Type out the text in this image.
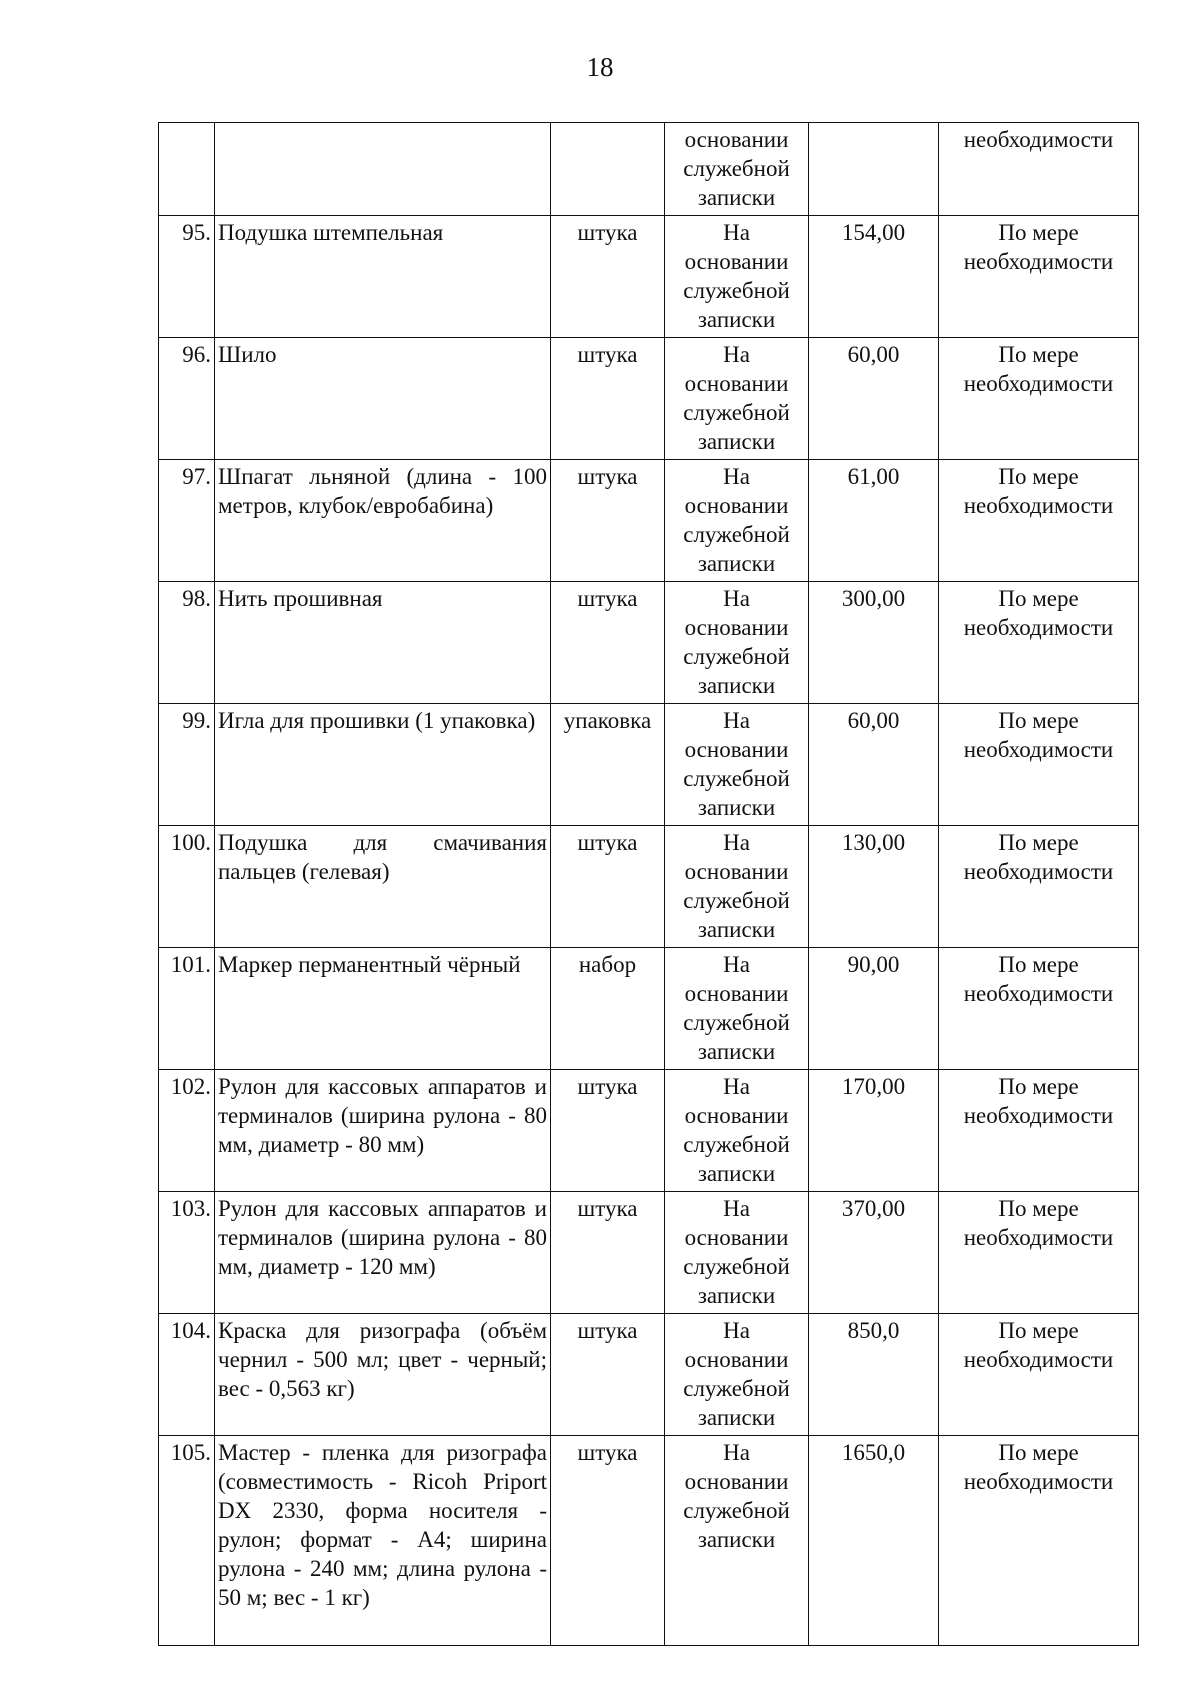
18

			основании
служебной
записки		необходимости

95.	Подушка штемпельная	штука	На
основании
служебной
записки	154,00	По мере
необходимости

96.	Шило	штука	На
основании
служебной
записки	60,00	По мере
необходимости

97.	Шпагат льняной (длина - 100 метров, клубок/евробабина)	штука	На
основании
служебной
записки	61,00	По мере
необходимости

98.	Нить прошивная	штука	На
основании
служебной
записки	300,00	По мере
необходимости

99.	Игла для прошивки (1 упаковка)	упаковка	На
основании
служебной
записки	60,00	По мере
необходимости

100.	Подушка для смачивания пальцев (гелевая)	штука	На
основании
служебной
записки	130,00	По мере
необходимости

101.	Маркер перманентный чёрный	набор	На
основании
служебной
записки	90,00	По мере
необходимости

102.	Рулон для кассовых аппаратов и терминалов (ширина рулона - 80 мм, диаметр - 80 мм)	штука	На
основании
служебной
записки	170,00	По мере
необходимости

103.	Рулон для кассовых аппаратов и терминалов (ширина рулона - 80 мм, диаметр - 120 мм)	штука	На
основании
служебной
записки	370,00	По мере
необходимости

104.	Краска для ризографа (объём чернил - 500 мл; цвет - черный; вес - 0,563 кг)	штука	На
основании
служебной
записки	850,0	По мере
необходимости

105.	Мастер - пленка для ризографа (совместимость - Ricoh Priport DX 2330, форма носителя - рулон; формат - А4; ширина рулона - 240 мм; длина рулона - 50 м; вес - 1 кг)	штука	На
основании
служебной
записки	1650,0	По мере
необходимости
